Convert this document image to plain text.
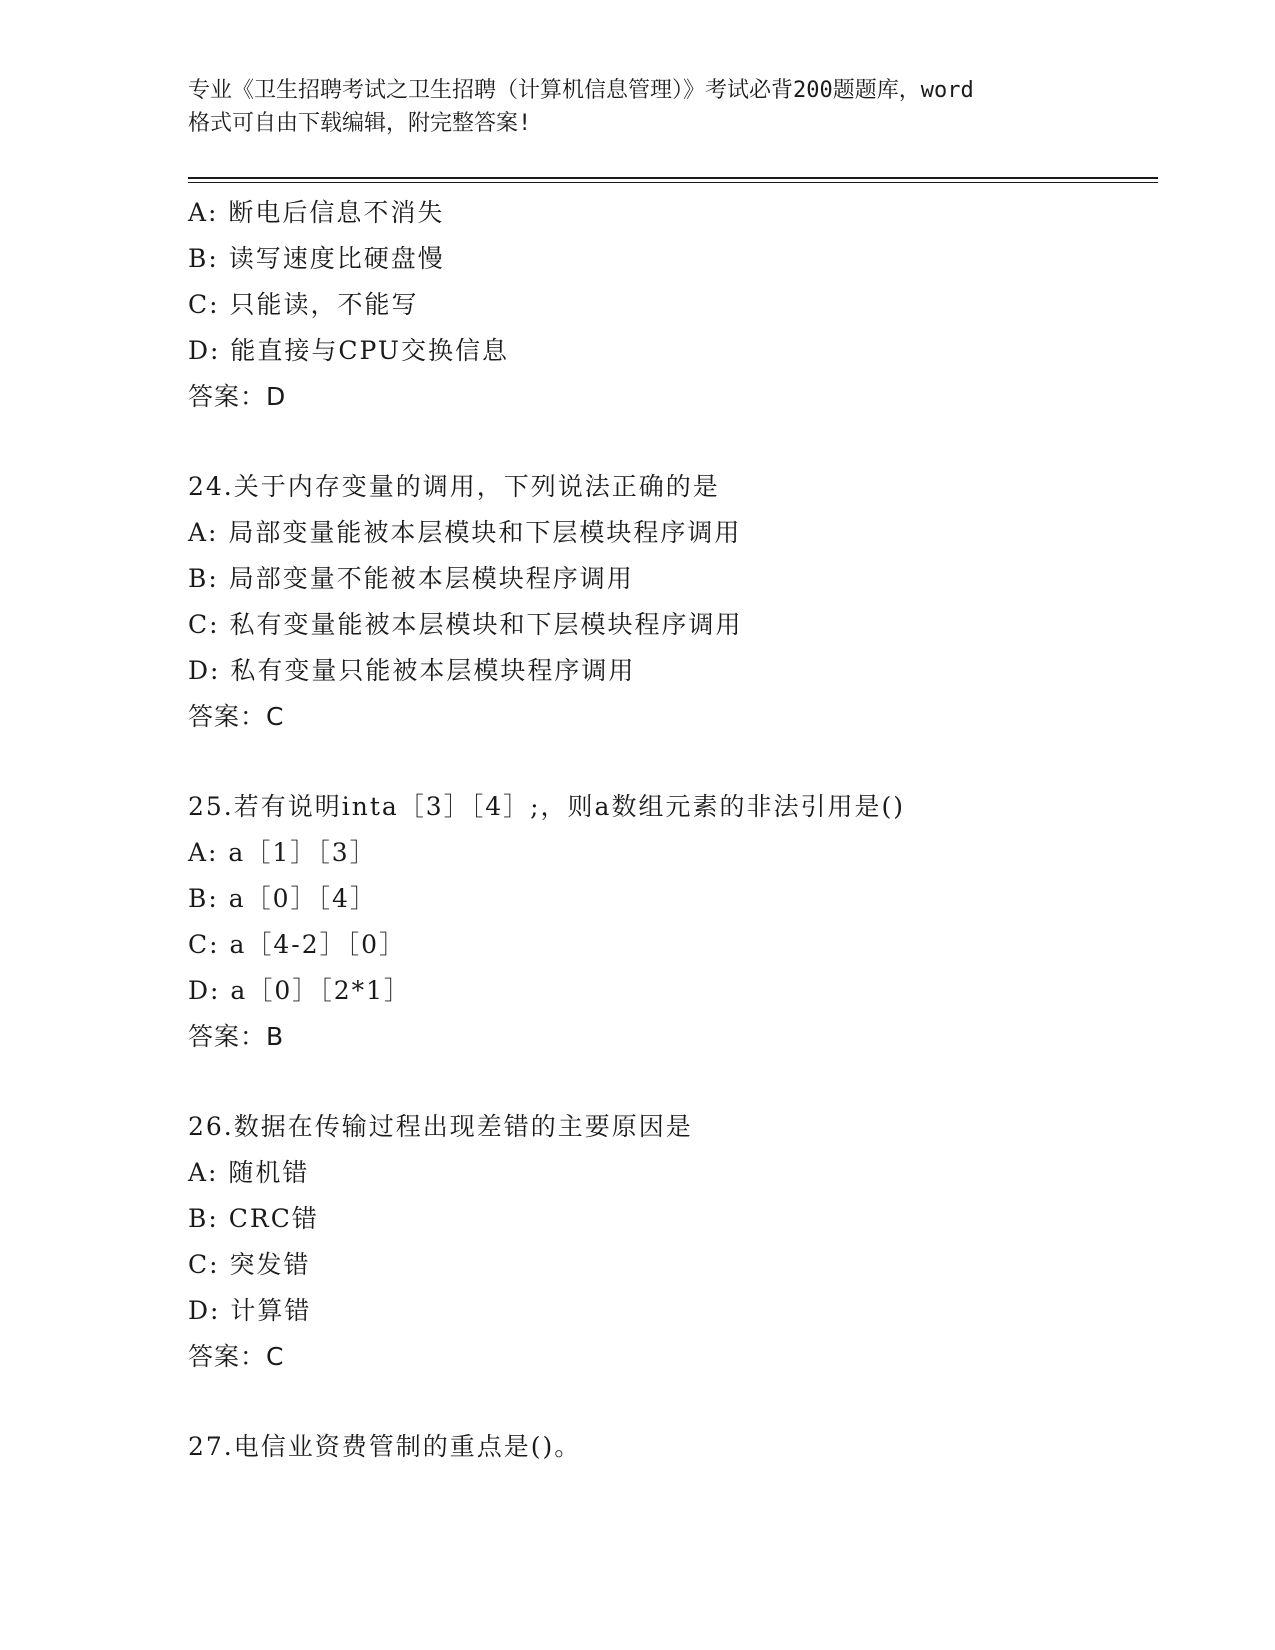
专业《卫生招聘考试之卫生招聘（计算机信息管理）》考试必背200题题库，word
格式可自由下载编辑，附完整答案!
A: 断电后信息不消失
B: 读写速度比硬盘慢
C: 只能读，不能写
D: 能直接与CPU交换信息
答案：D
24.关于内存变量的调用，下列说法正确的是
A: 局部变量能被本层模块和下层模块程序调用
B: 局部变量不能被本层模块程序调用
C: 私有变量能被本层模块和下层模块程序调用
D: 私有变量只能被本层模块程序调用
答案：C
25.若有说明inta［3］［4］;，则a数组元素的非法引用是()
A: a［1］［3］
B: a［0］［4］
C: a［4-2］［0］
D: a［0］［2*1］
答案：B
26.数据在传输过程出现差错的主要原因是
A: 随机错
B: CRC错
C: 突发错
D: 计算错
答案：C
27.电信业资费管制的重点是()。
